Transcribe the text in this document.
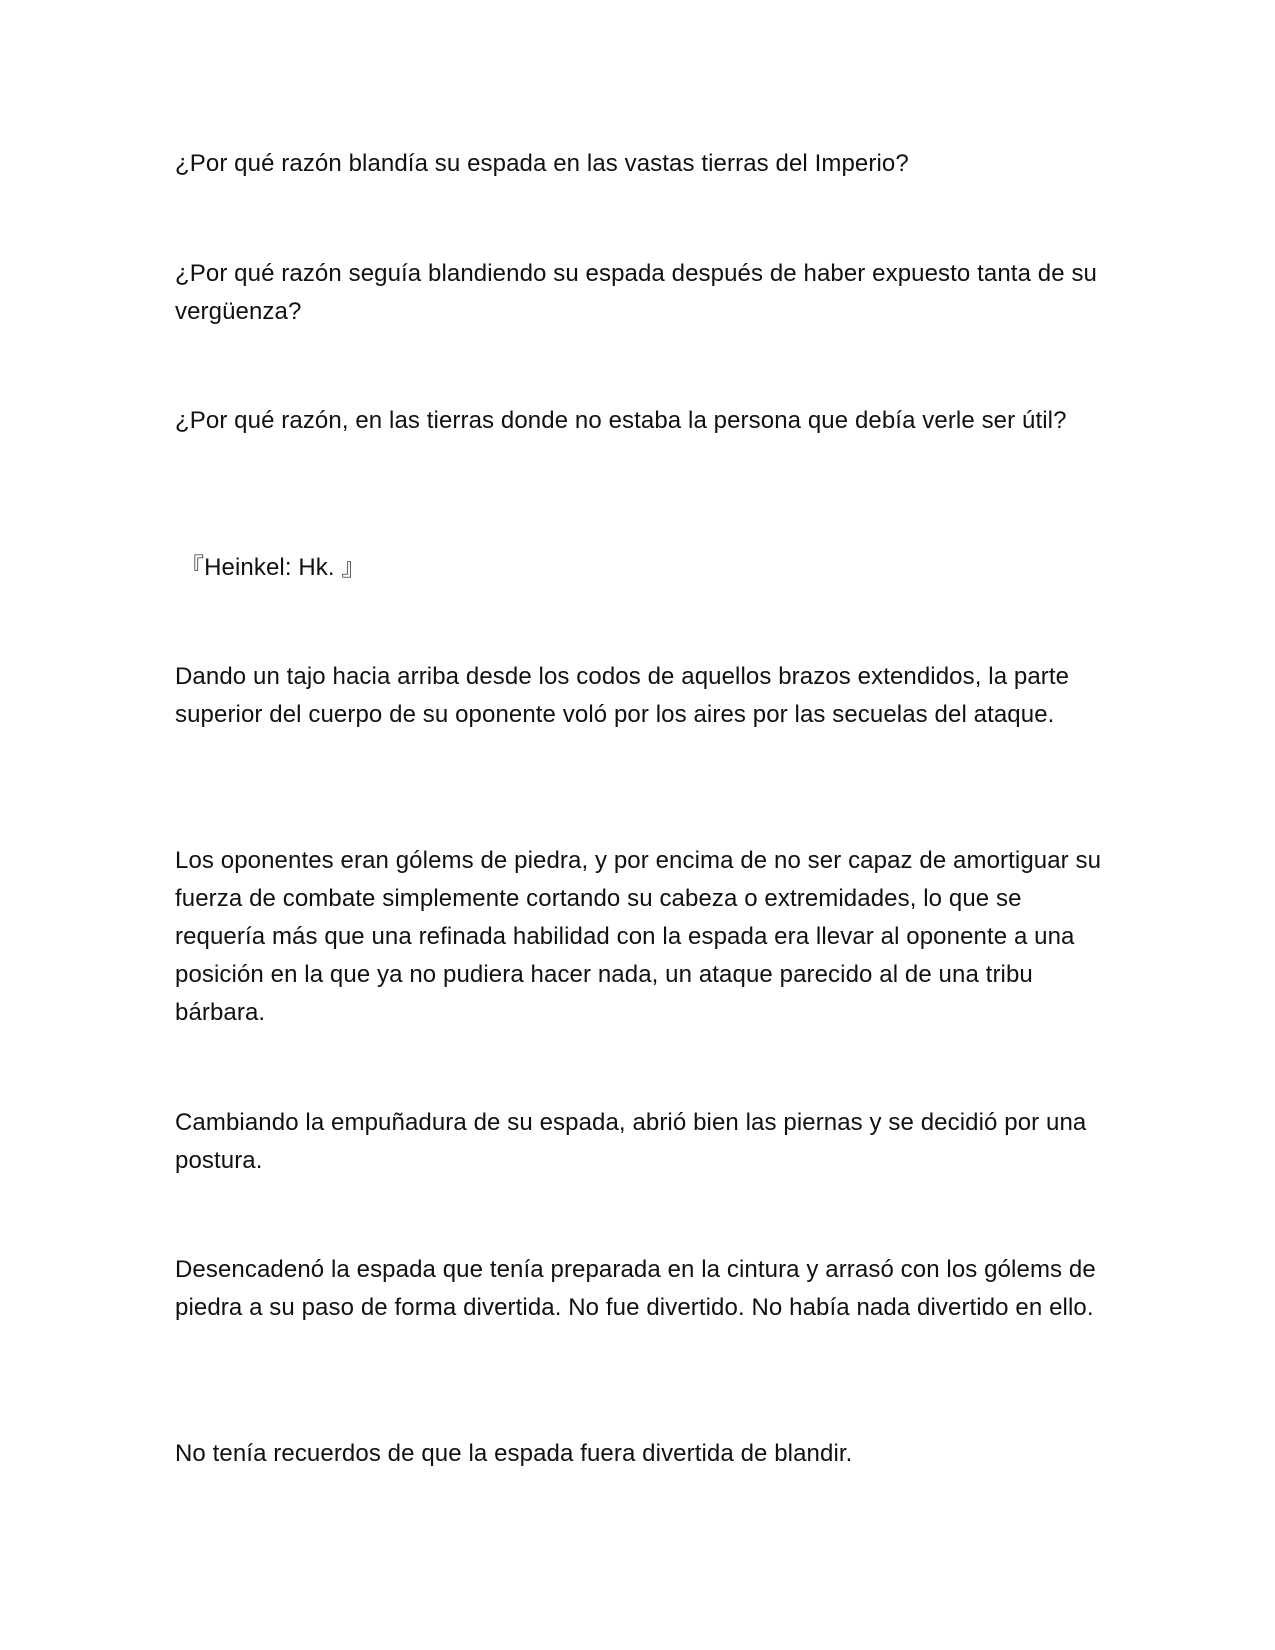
¿Por qué razón blandía su espada en las vastas tierras del Imperio?

¿Por qué razón seguía blandiendo su espada después de haber expuesto tanta de su vergüenza?

¿Por qué razón, en las tierras donde no estaba la persona que debía verle ser útil?

『Heinkel: Hk. 』

Dando un tajo hacia arriba desde los codos de aquellos brazos extendidos, la parte superior del cuerpo de su oponente voló por los aires por las secuelas del ataque.

Los oponentes eran gólems de piedra, y por encima de no ser capaz de amortiguar su fuerza de combate simplemente cortando su cabeza o extremidades, lo que se requería más que una refinada habilidad con la espada era llevar al oponente a una posición en la que ya no pudiera hacer nada, un ataque parecido al de una tribu bárbara.

Cambiando la empuñadura de su espada, abrió bien las piernas y se decidió por una postura.

Desencadenó la espada que tenía preparada en la cintura y arrasó con los gólems de piedra a su paso de forma divertida. No fue divertido. No había nada divertido en ello.

No tenía recuerdos de que la espada fuera divertida de blandir.
